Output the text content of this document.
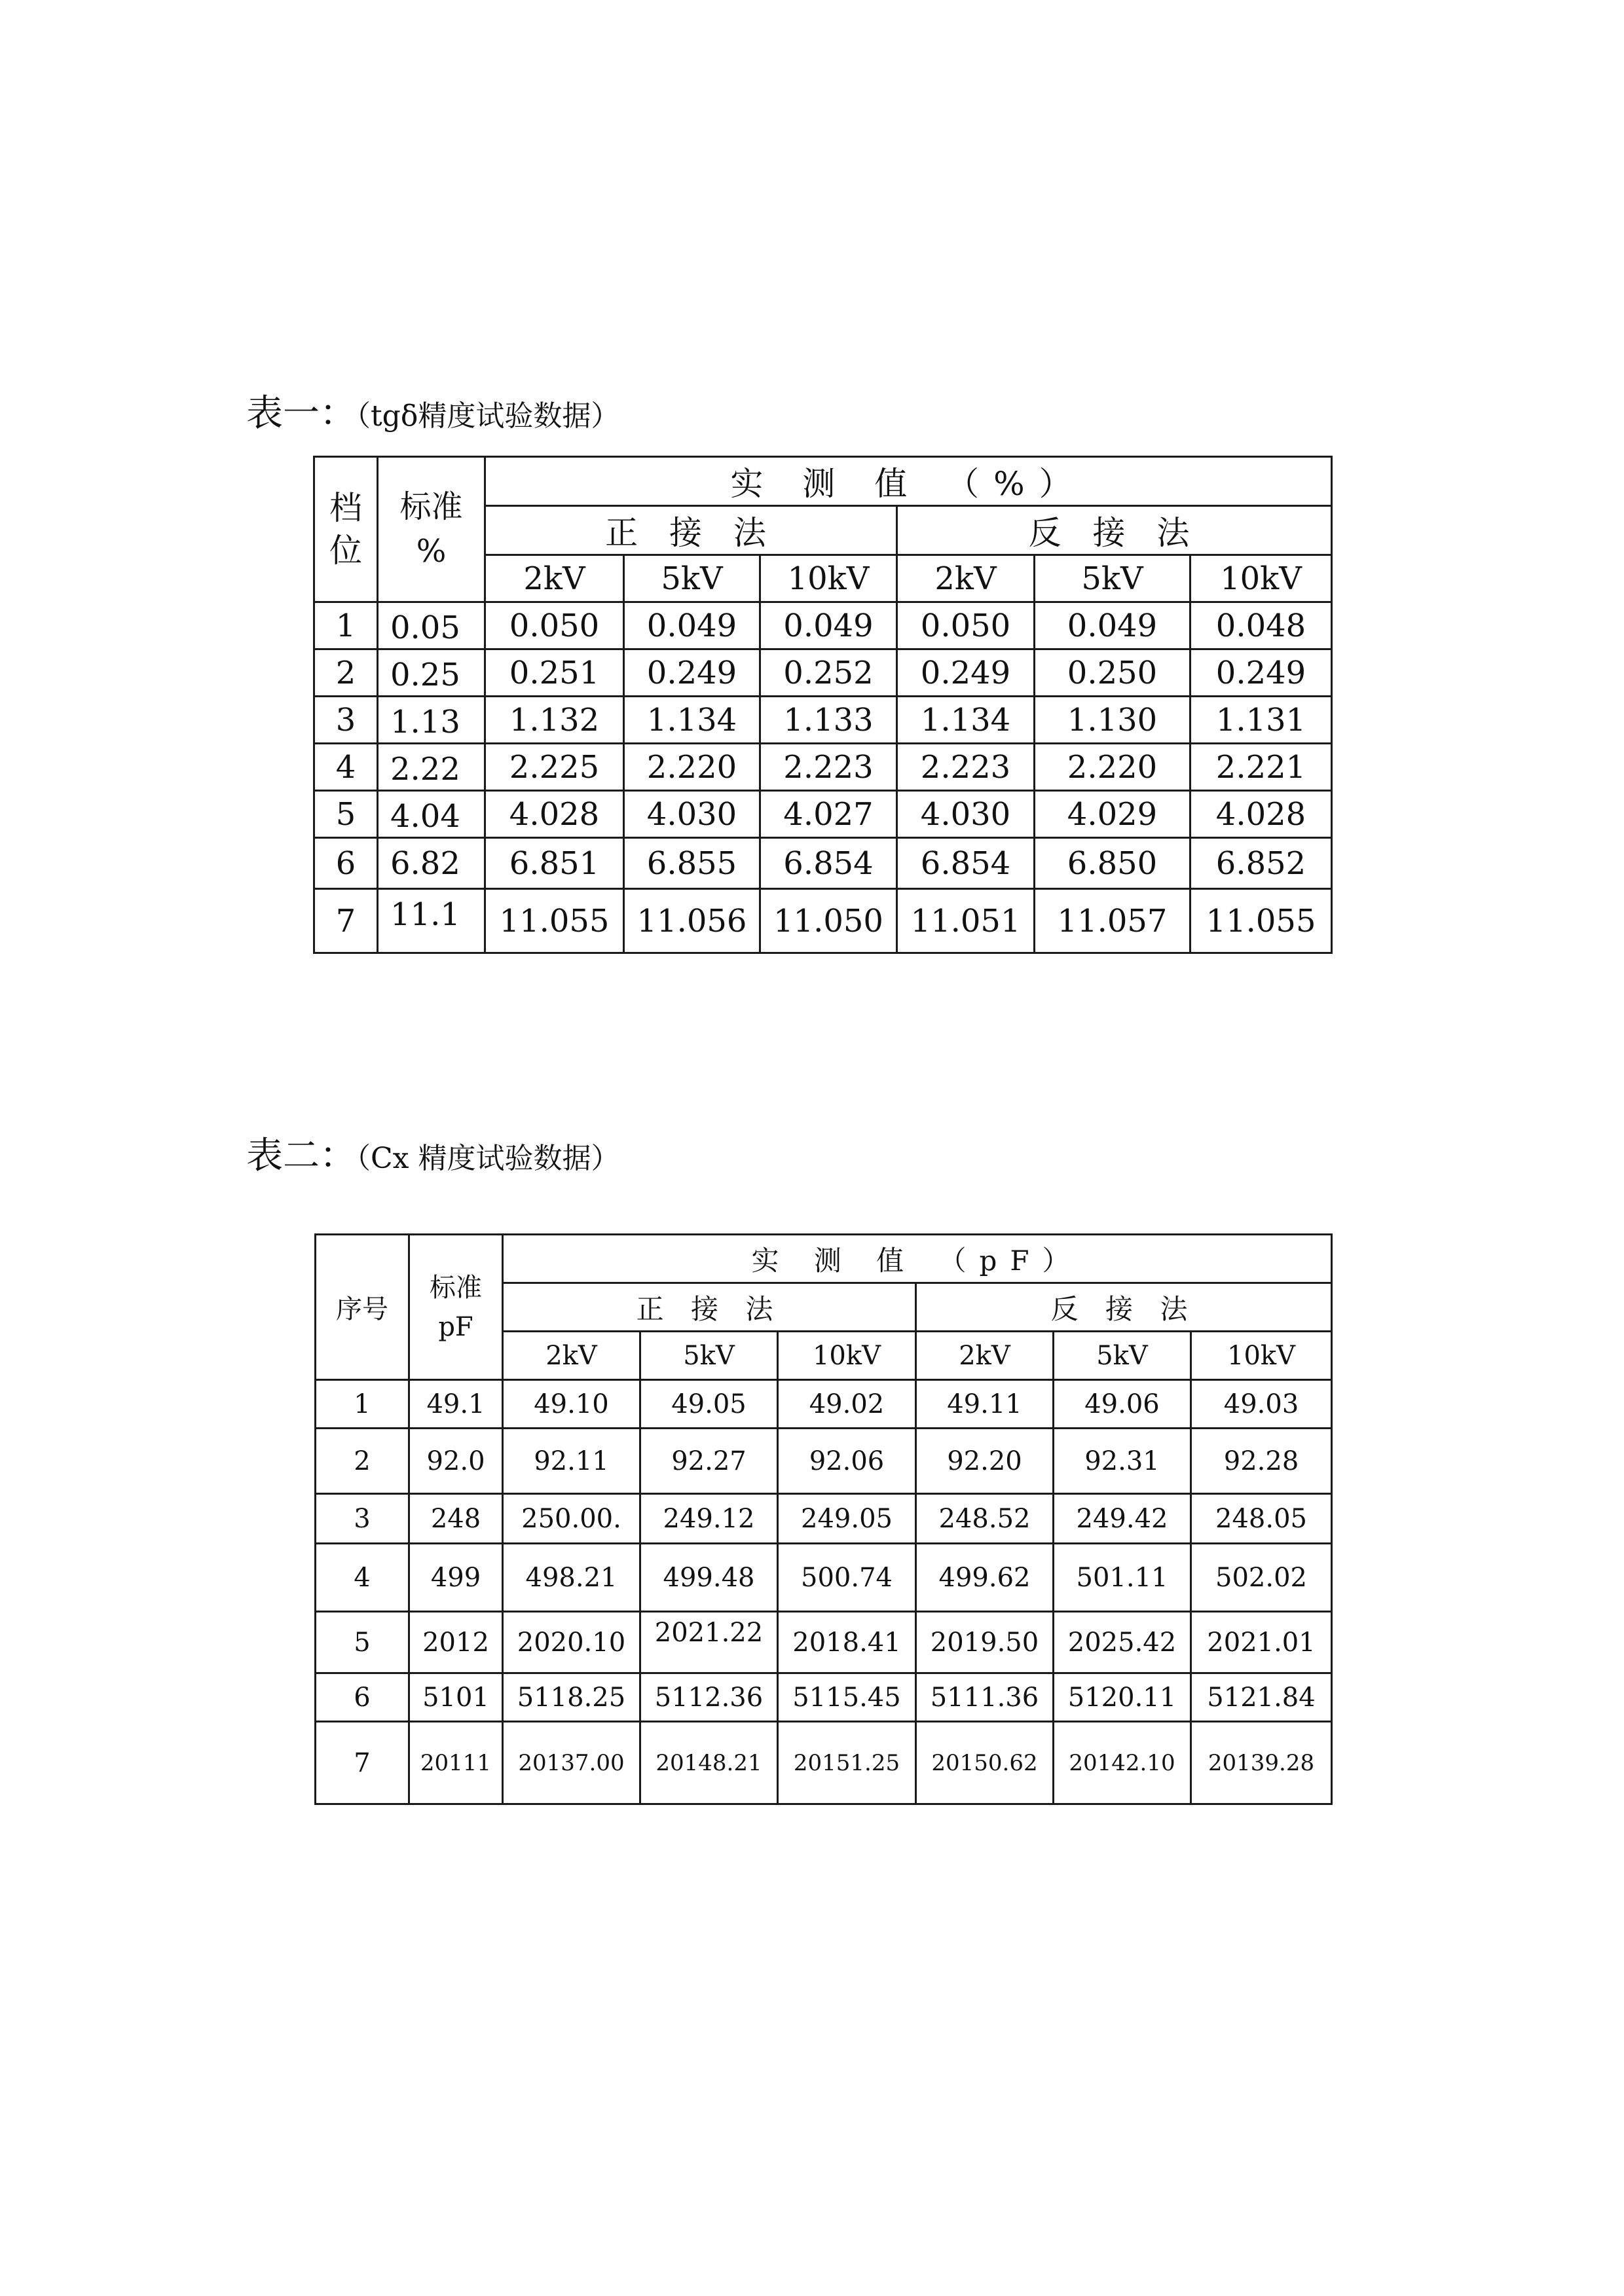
表一：（tgδ精度试验数据）
档
位	标准
%	实 测 值 （%）					
		正 接 法			反 接 法		
		2kV	5kV	10kV	2kV	5kV	10kV
1	0.05	0.050	0.049	0.049	0.050	0.049	0.048
2	0.25	0.251	0.249	0.252	0.249	0.250	0.249
3	1.13	1.132	1.134	1.133	1.134	1.130	1.131
4	2.22	2.225	2.220	2.223	2.223	2.220	2.221
5	4.04	4.028	4.030	4.027	4.030	4.029	4.028
6	6.82	6.851	6.855	6.854	6.854	6.850	6.852
7	11.1	11.055	11.056	11.050	11.051	11.057	11.055
表二：（Cx 精度试验数据）
序号	标准
pF	实 测 值 （pF）					
		正 接 法			反 接 法		
		2kV	5kV	10kV	2kV	5kV	10kV
1	49.1	49.10	49.05	49.02	49.11	49.06	49.03
2	92.0	92.11	92.27	92.06	92.20	92.31	92.28
3	248	250.00.	249.12	249.05	248.52	249.42	248.05
4	499	498.21	499.48	500.74	499.62	501.11	502.02
5	2012	2020.10	2021.22	2018.41	2019.50	2025.42	2021.01
6	5101	5118.25	5112.36	5115.45	5111.36	5120.11	5121.84
7	20111	20137.00	20148.21	20151.25	20150.62	20142.10	20139.28
